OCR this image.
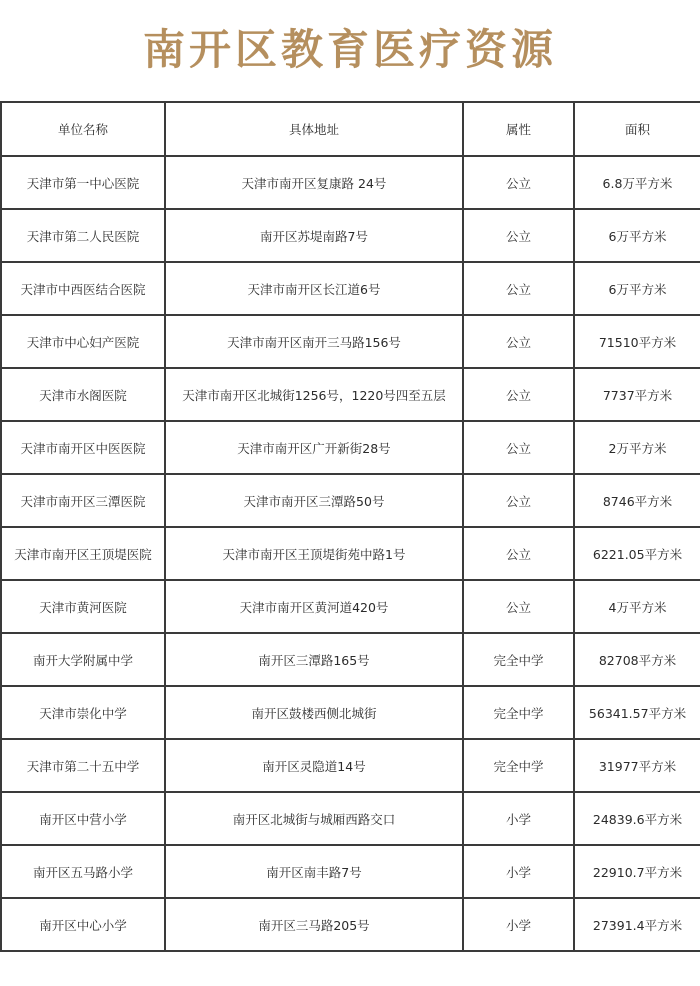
南开区教育医疗资源
单位名称	具体地址	属性	面积
天津市第一中心医院	天津市南开区复康路 24号	公立	6.8万平方米
天津市第二人民医院	南开区苏堤南路7号	公立	6万平方米
天津市中西医结合医院	天津市南开区长江道6号	公立	6万平方米
天津市中心妇产医院	天津市南开区南开三马路156号	公立	71510平方米
天津市水阁医院	天津市南开区北城街1256号，1220号四至五层	公立	7737平方米
天津市南开区中医医院	天津市南开区广开新街28号	公立	2万平方米
天津市南开区三潭医院	天津市南开区三潭路50号	公立	8746平方米
天津市南开区王顶堤医院	天津市南开区王顶堤街苑中路1号	公立	6221.05平方米
天津市黄河医院	天津市南开区黄河道420号	公立	4万平方米
南开大学附属中学	南开区三潭路165号	完全中学	82708平方米
天津市崇化中学	南开区鼓楼西侧北城街	完全中学	56341.57平方米
天津市第二十五中学	南开区灵隐道14号	完全中学	31977平方米
南开区中营小学	南开区北城街与城厢西路交口	小学	24839.6平方米
南开区五马路小学	南开区南丰路7号	小学	22910.7平方米
南开区中心小学	南开区三马路205号	小学	27391.4平方米
